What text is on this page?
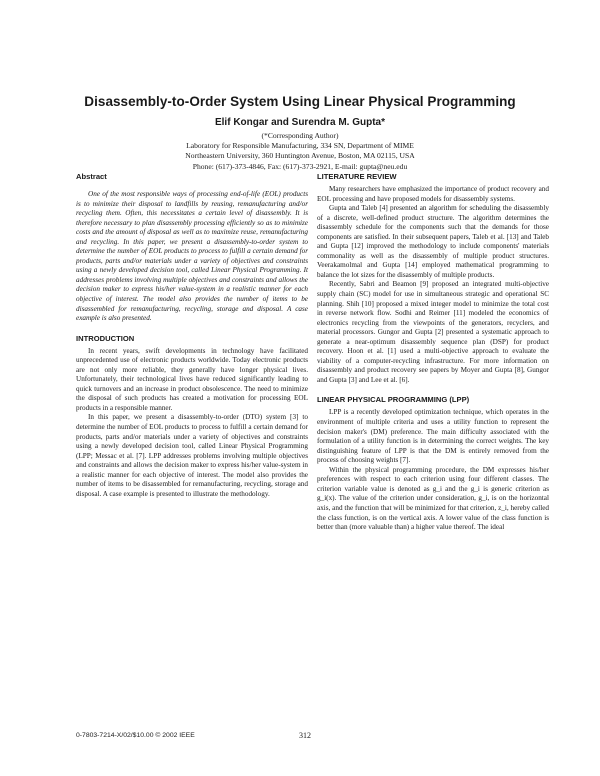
Disassembly-to-Order System Using Linear Physical Programming
Elif Kongar and Surendra M. Gupta*
(*Corresponding Author)
Laboratory for Responsible Manufacturing, 334 SN, Department of MIME
Northeastern University, 360 Huntington Avenue, Boston, MA 02115, USA
Phone: (617)-373-4846, Fax: (617)-373-2921, E-mail: gupta@neu.edu
Abstract

One of the most responsible ways of processing end-of-life (EOL) products is to minimize their disposal to landfills by reusing, remanufacturing and/or recycling them. Often, this necessitates a certain level of disassembly. It is therefore necessary to plan disassembly processing efficiently so as to minimize costs and the amount of disposal as well as to maximize reuse, remanufacturing and recycling. In this paper, we present a disassembly-to-order system to determine the number of EOL products to process to fulfill a certain demand for products, parts and/or materials under a variety of objectives and constraints using a newly developed decision tool, called Linear Physical Programming. It addresses problems involving multiple objectives and constraints and allows the decision maker to express his/her value-system in a realistic manner for each objective of interest. The model also provides the number of items to be disassembled for remanufacturing, recycling, storage and disposal. A case example is also presented.

INTRODUCTION

In recent years, swift developments in technology have facilitated unprecedented use of electronic products worldwide. Today electronic products are not only more reliable, they generally have longer physical lives. Unfortunately, their technological lives have reduced significantly leading to quick turnovers and an increase in product obsolescence. The need to minimize the disposal of such products has created a motivation for processing EOL products in a responsible manner.

In this paper, we present a disassembly-to-order (DTO) system [3] to determine the number of EOL products to process to fulfill a certain demand for products, parts and/or materials under a variety of objectives and constraints using a newly developed decision tool, called Linear Physical Programming (LPP; Messac et al. [7]. LPP addresses problems involving multiple objectives and constraints and allows the decision maker to express his/her value-system in a realistic manner for each objective of interest. The model also provides the number of items to be disassembled for remanufacturing, recycling, storage and disposal. A case example is presented to illustrate the methodology.

LITERATURE REVIEW

Many researchers have emphasized the importance of product recovery and EOL processing and have proposed models for disassembly systems.

Gupta and Taleb [4] presented an algorithm for scheduling the disassembly of a discrete, well-defined product structure. The algorithm determines the disassembly schedule for the components such that the demands for those components are satisfied. In their subsequent papers, Taleb et al. [13] and Taleb and Gupta [12] improved the methodology to include components' materials commonality as well as the disassembly of multiple product structures. Veerakamolmal and Gupta [14] employed mathematical programming to balance the lot sizes for the disassembly of multiple products.

Recently, Sabri and Beamon [9] proposed an integrated multi-objective supply chain (SC) model for use in simultaneous strategic and operational SC planning. Shih [10] proposed a mixed integer model to minimize the total cost in reverse network flow. Sodhi and Reimer [11] modeled the economics of electronics recycling from the viewpoints of the generators, recyclers, and material processors. Gungor and Gupta [2] presented a systematic approach to generate a near-optimum disassembly sequence plan (DSP) for product recovery. Hoon et al. [1] used a multi-objective approach to evaluate the viability of a computer-recycling infrastructure. For more information on disassembly and product recovery see papers by Moyer and Gupta [8], Gungor and Gupta [3] and Lee et al. [6].

LINEAR PHYSICAL PROGRAMMING (LPP)

LPP is a recently developed optimization technique, which operates in the environment of multiple criteria and uses a utility function to represent the decision maker's (DM) preference. The main difficulty associated with the formulation of a utility function is in determining the correct weights. The key distinguishing feature of LPP is that the DM is entirely removed from the process of choosing weights [7].

Within the physical programming procedure, the DM expresses his/her preferences with respect to each criterion using four different classes. The criterion variable value is denoted as g_i and the g_i is generic criterion as g_i(x). The value of the criterion under consideration, g_i, is on the horizontal axis, and the function that will be minimized for that criterion, z_i, hereby called the class function, is on the vertical axis. A lower value of the class function is better than (more valuable than) a higher value thereof. The ideal

0-7803-7214-X/02/$10.00 © 2002 IEEE	312
